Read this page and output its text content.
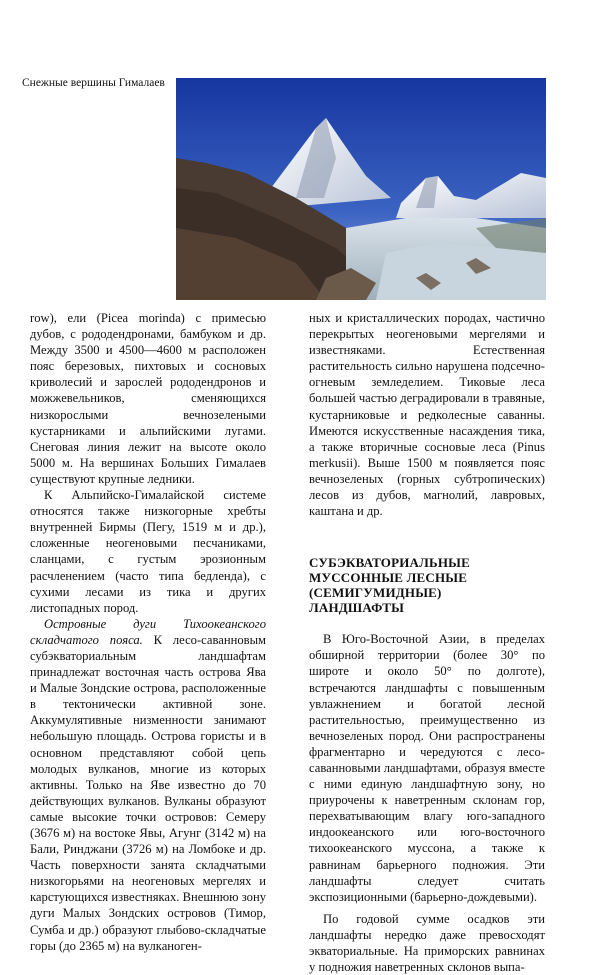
Снежные вершины Гималаев

row), ели (Picea morinda) с примесью дубов, с рододендронами, бамбуком и др. Между 3500 и 4500—4600 м расположен пояс березовых, пихтовых и сосновых криволесий и зарослей рододендронов и можжевельников, сменяющихся низкорослыми вечнозелеными кустарниками и альпийскими лугами. Снеговая линия лежит на высоте около 5000 м. На вершинах Больших Гималаев существуют крупные ледники.

К Альпийско-Гималайской системе относятся также низкогорные хребты внутренней Бирмы (Пегу, 1519 м и др.), сложенные неогеновыми песчаниками, сланцами, с густым эрозионным расчленением (часто типа бедленда), с сухими лесами из тика и других листопадных пород.

Островные дуги Тихоокеанского складчатого пояса. К лесо-саванновым субэкваториальным ландшафтам принадлежат восточная часть острова Ява и Малые Зондские острова, расположенные в тектонически активной зоне. Аккумулятивные низменности занимают небольшую площадь. Острова гористы и в основном представляют собой цепь молодых вулканов, многие из которых активны. Только на Яве известно до 70 действующих вулканов. Вулканы образуют самые высокие точки островов: Семеру (3676 м) на востоке Явы, Агунг (3142 м) на Бали, Ринджани (3726 м) на Ломбоке и др. Часть поверхности занята складчатыми низкогорьями на неогеновых мергелях и карстующихся известняках. Внешнюю зону дуги Малых Зондских островов (Тимор, Сумба и др.) образуют глыбово-складчатые горы (до 2365 м) на вулканоген-

ных и кристаллических породах, частично перекрытых неогеновыми мергелями и известняками. Естественная растительность сильно нарушена подсечно-огневым земледелием. Тиковые леса большей частью деградировали в травяные, кустарниковые и редколесные саванны. Имеются искусственные насаждения тика, а также вторичные сосновые леса (Pinus merkusii). Выше 1500 м появляется пояс вечнозеленых (горных субтропических) лесов из дубов, магнолий, лавровых, каштана и др.

СУБЭКВАТОРИАЛЬНЫЕ
МУССОННЫЕ ЛЕСНЫЕ
(СЕМИГУМИДНЫЕ)
ЛАНДШАФТЫ

В Юго-Восточной Азии, в пределах обширной территории (более 30° по широте и около 50° по долготе), встречаются ландшафты с повышенным увлажнением и богатой лесной растительностью, преимущественно из вечнозеленых пород. Они распространены фрагментарно и чередуются с лесо-саванновыми ландшафтами, образуя вместе с ними единую ландшафтную зону, но приурочены к наветренным склонам гор, перехватывающим влагу юго-западного индоокеанского или юго-восточного тихоокеанского муссона, а также к равнинам барьерного подножия. Эти ландшафты следует считать экспозиционными (барьерно-дождевыми).

По годовой сумме осадков эти ландшафты нередко даже превосходят экваториальные. На приморских равнинах у подножия наветренных склонов выпа-
